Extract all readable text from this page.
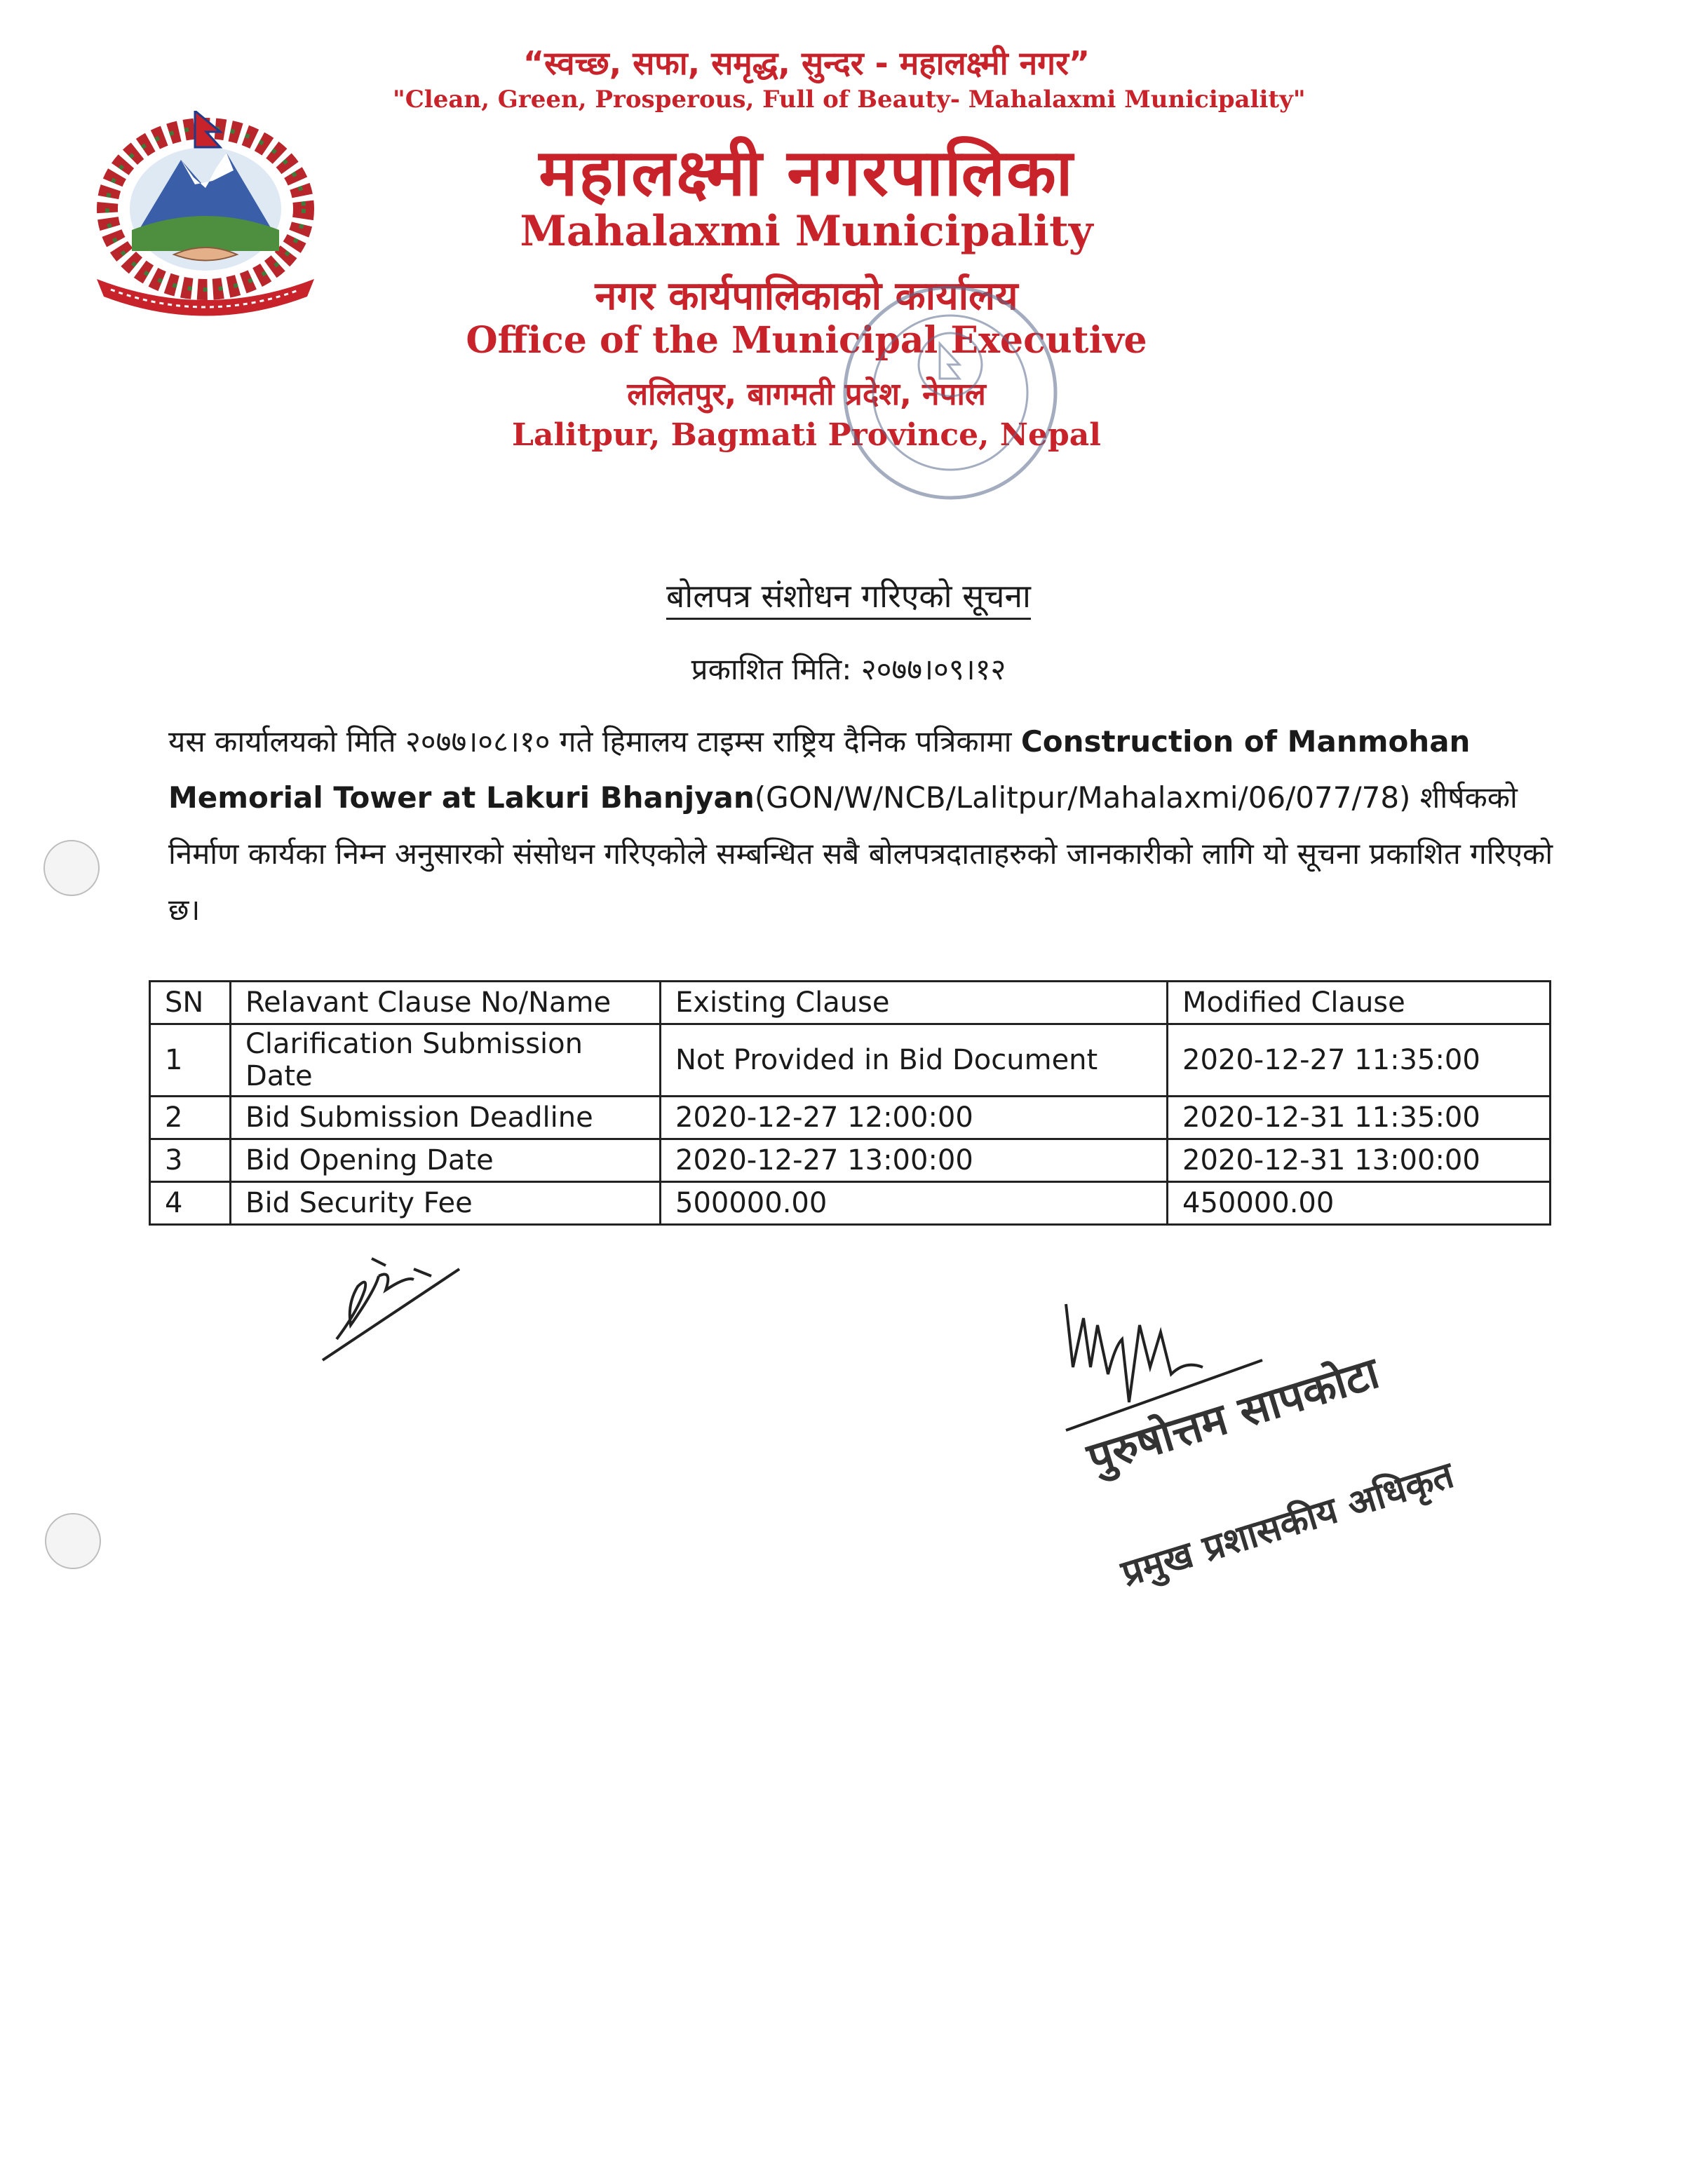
“स्वच्छ, सफा, समृद्ध, सुन्दर - महालक्ष्मी नगर”
"Clean, Green, Prosperous, Full of Beauty- Mahalaxmi Municipality"
महालक्ष्मी नगरपालिका
Mahalaxmi Municipality
नगर कार्यपालिकाको कार्यालय
Office of the Municipal Executive
ललितपुर, बागमती प्रदेश, नेपाल
Lalitpur, Bagmati Province, Nepal
बोलपत्र संशोधन गरिएको सूचना
प्रकाशित मिति: २०७७।०९।१२
यस कार्यालयको मिति २०७७।०८।१० गते हिमालय टाइम्स राष्ट्रिय दैनिक पत्रिकामा Construction of Manmohan Memorial Tower at Lakuri Bhanjyan(GON/W/NCB/Lalitpur/Mahalaxmi/06/077/78) शीर्षकको निर्माण कार्यका निम्न अनुसारको संसोधन गरिएकोले सम्बन्धित सबै बोलपत्रदाताहरुको जानकारीको लागि यो सूचना प्रकाशित गरिएको छ।
SN	Relavant Clause No/Name	Existing Clause	Modified Clause
1	Clarification Submission Date	Not Provided in Bid Document	2020-12-27 11:35:00
2	Bid Submission Deadline	2020-12-27 12:00:00	2020-12-31 11:35:00
3	Bid Opening Date	2020-12-27 13:00:00	2020-12-31 13:00:00
4	Bid Security Fee	500000.00	450000.00
पुरुषोत्तम सापकोटा
प्रमुख प्रशासकीय अधिकृत
